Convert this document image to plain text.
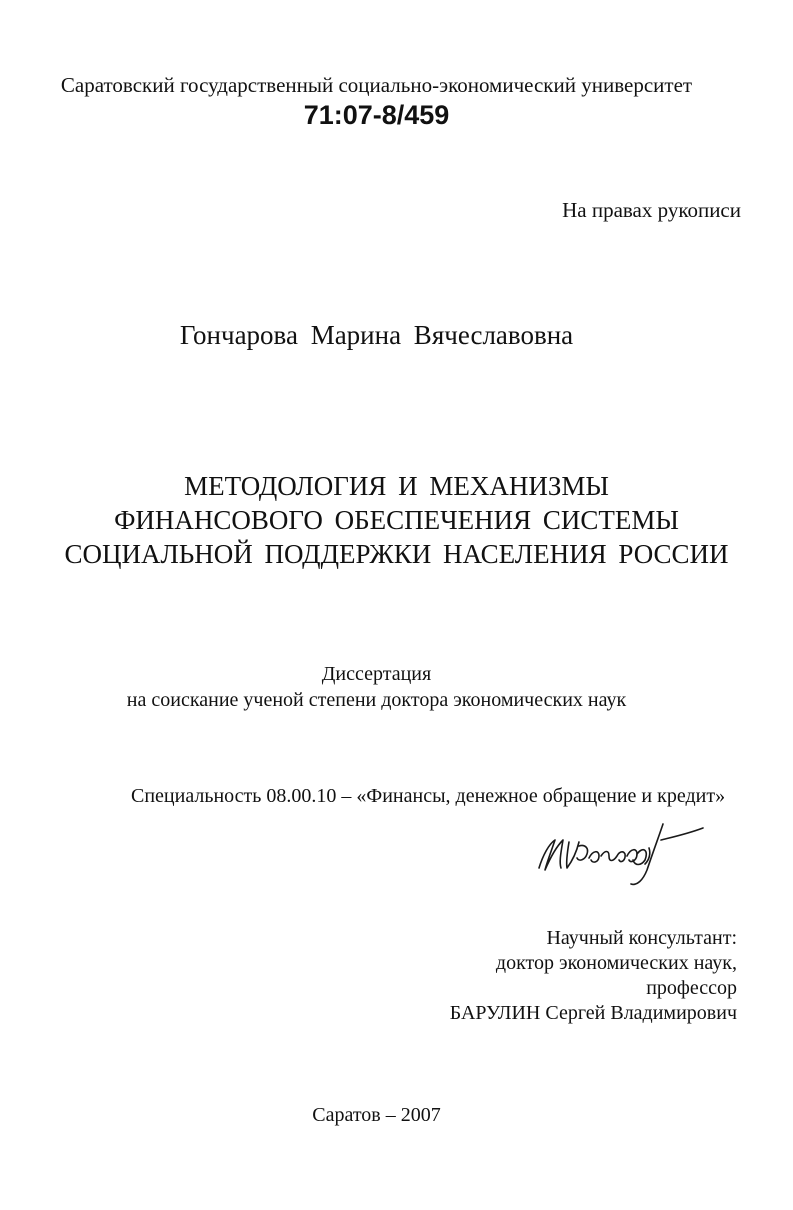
Саратовский государственный социально-экономический университет
71:07-8/459
На правах рукописи
Гончарова Марина Вячеславовна
МЕТОДОЛОГИЯ И МЕХАНИЗМЫ
ФИНАНСОВОГО ОБЕСПЕЧЕНИЯ СИСТЕМЫ
СОЦИАЛЬНОЙ ПОДДЕРЖКИ НАСЕЛЕНИЯ РОССИИ
Диссертация
на соискание ученой степени доктора экономических наук
Специальность 08.00.10 – «Финансы, денежное обращение и кредит»
Научный консультант:
доктор экономических наук,
профессор
БАРУЛИН Сергей Владимирович
Саратов – 2007
